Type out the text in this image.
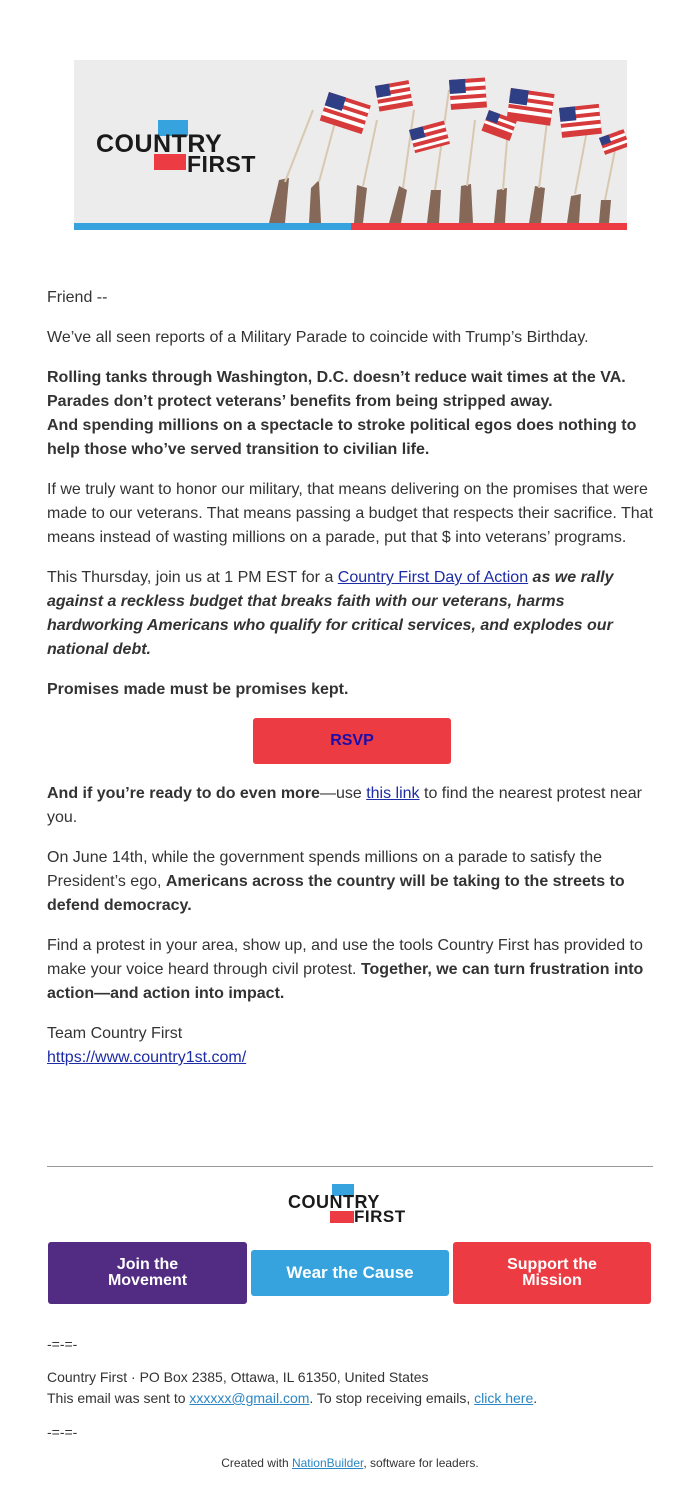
COUNTRY
FIRST

Friend --

We’ve all seen reports of a Military Parade to coincide with Trump’s Birthday.

Rolling tanks through Washington, D.C. doesn’t reduce wait times at the VA.
Parades don’t protect veterans’ benefits from being stripped away.
And spending millions on a spectacle to stroke political egos does nothing to help those who’ve served transition to civilian life.

If we truly want to honor our military, that means delivering on the promises that were made to our veterans. That means passing a budget that respects their sacrifice. That means instead of wasting millions on a parade, put that $ into veterans’ programs.

This Thursday, join us at 1 PM EST for a Country First Day of Action as we rally against a reckless budget that breaks faith with our veterans, harms hardworking Americans who qualify for critical services, and explodes our national debt.

Promises made must be promises kept.

RSVP

And if you’re ready to do even more—use this link to find the nearest protest near you.

On June 14th, while the government spends millions on a parade to satisfy the President’s ego, Americans across the country will be taking to the streets to defend democracy.

Find a protest in your area, show up, and use the tools Country First has provided to make your voice heard through civil protest. Together, we can turn frustration into action—and action into impact.

Team Country First
https://www.country1st.com/

COUNTRY
FIRST
Join the Movement	Wear the Cause	Support the Mission
-=-=-
Country First · PO Box 2385, Ottawa, IL 61350, United States
This email was sent to xxxxxx@gmail.com. To stop receiving emails, click here.
-=-=-
Created with NationBuilder, software for leaders.
